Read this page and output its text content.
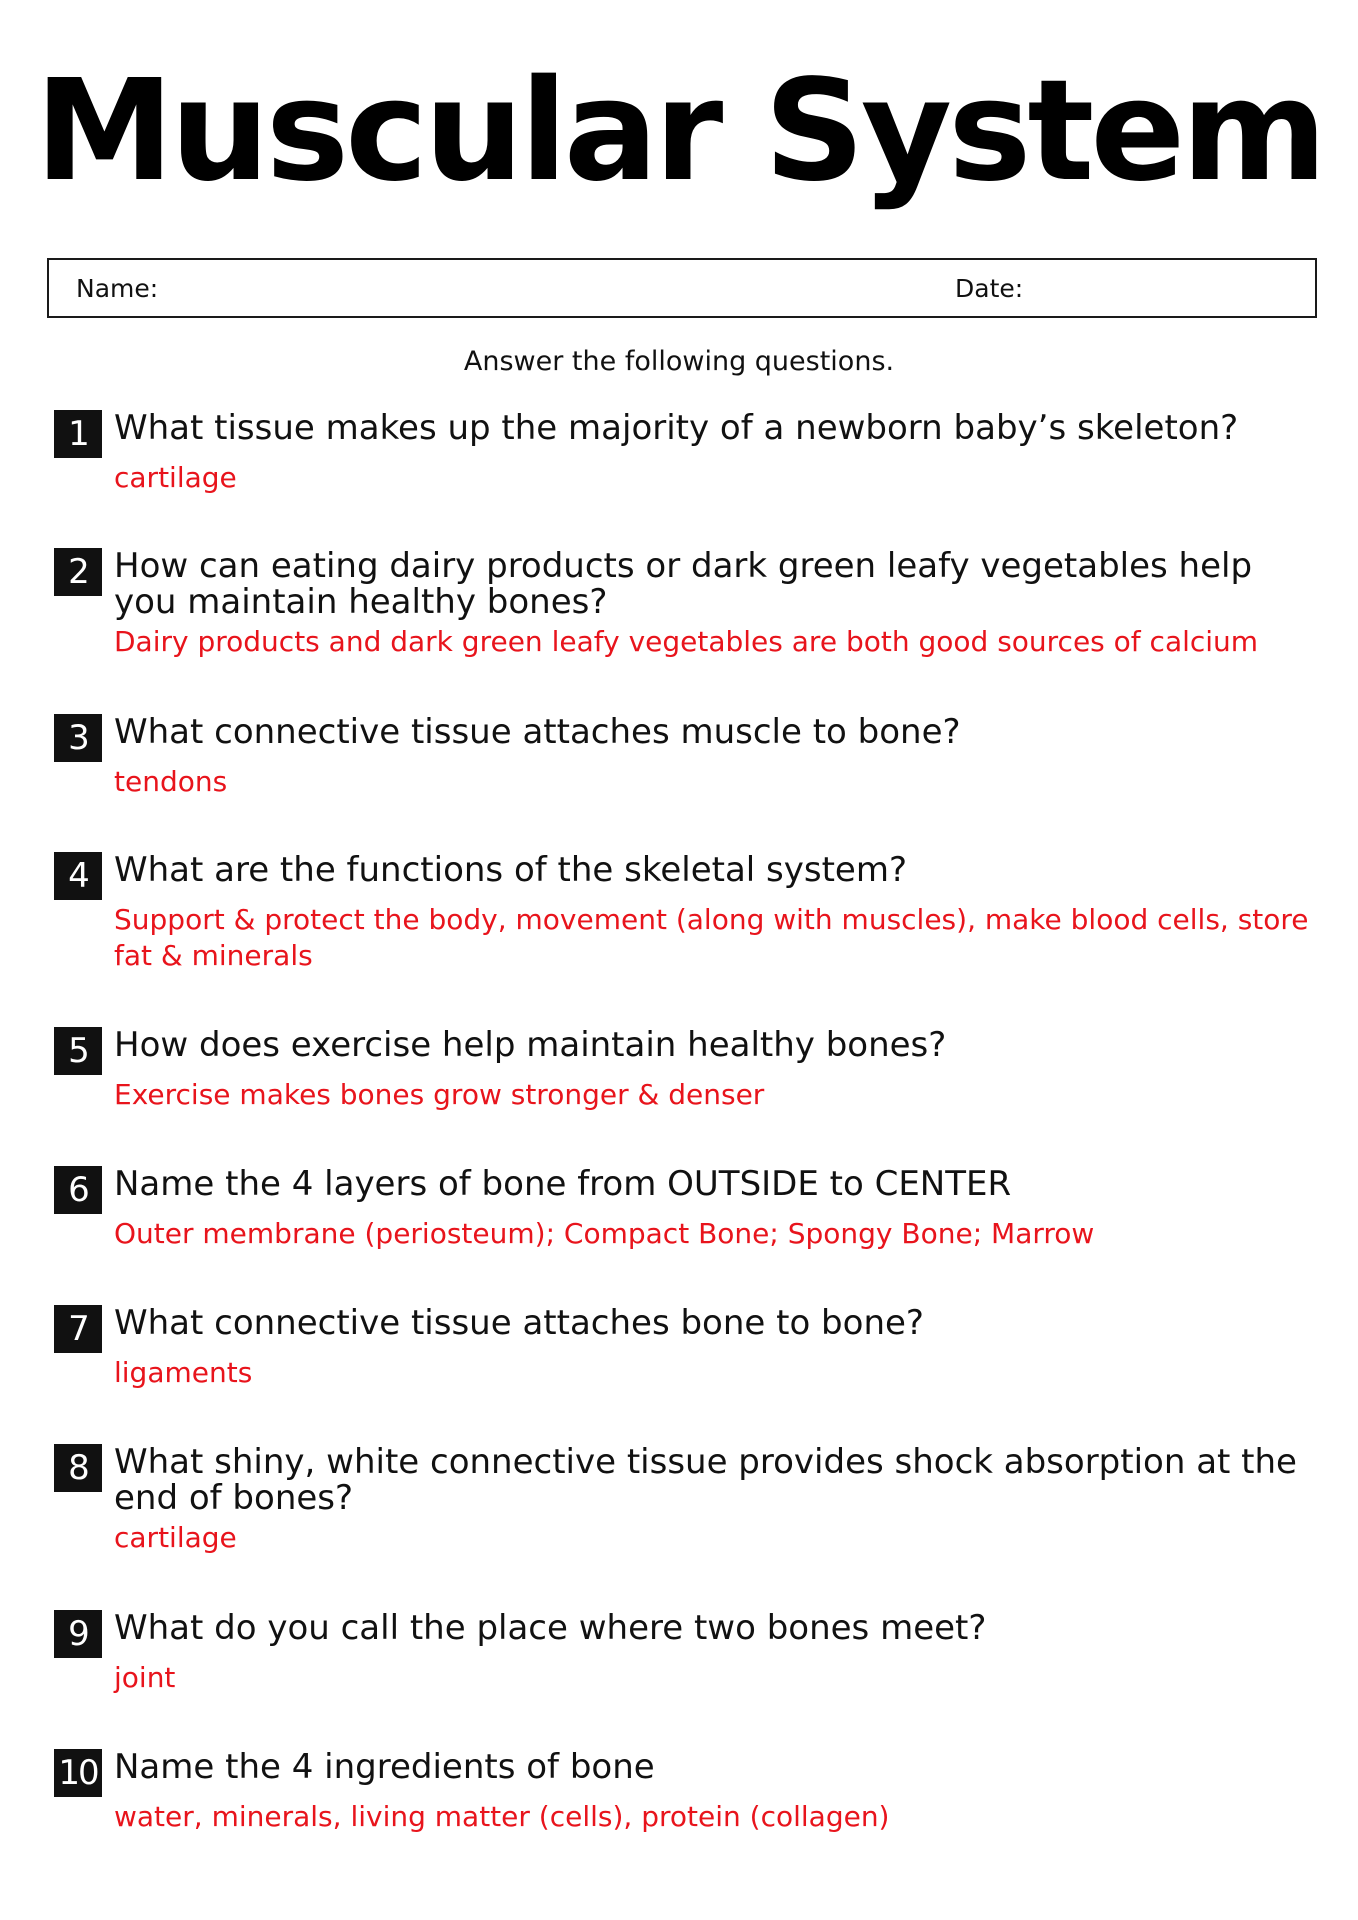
Muscular System
Name:	Date:
Answer the following questions.
1 What tissue makes up the majority of a newborn baby’s skeleton?
cartilage
2 How can eating dairy products or dark green leafy vegetables help you maintain healthy bones?
Dairy products and dark green leafy vegetables are both good sources of calcium
3 What connective tissue attaches muscle to bone?
tendons
4 What are the functions of the skeletal system?
Support & protect the body, movement (along with muscles), make blood cells, store fat & minerals
5 How does exercise help maintain healthy bones?
Exercise makes bones grow stronger & denser
6 Name the 4 layers of bone from OUTSIDE to CENTER
Outer membrane (periosteum); Compact Bone; Spongy Bone; Marrow
7 What connective tissue attaches bone to bone?
ligaments
8 What shiny, white connective tissue provides shock absorption at the end of bones?
cartilage
9 What do you call the place where two bones meet?
joint
10 Name the 4 ingredients of bone
water, minerals, living matter (cells), protein (collagen)
